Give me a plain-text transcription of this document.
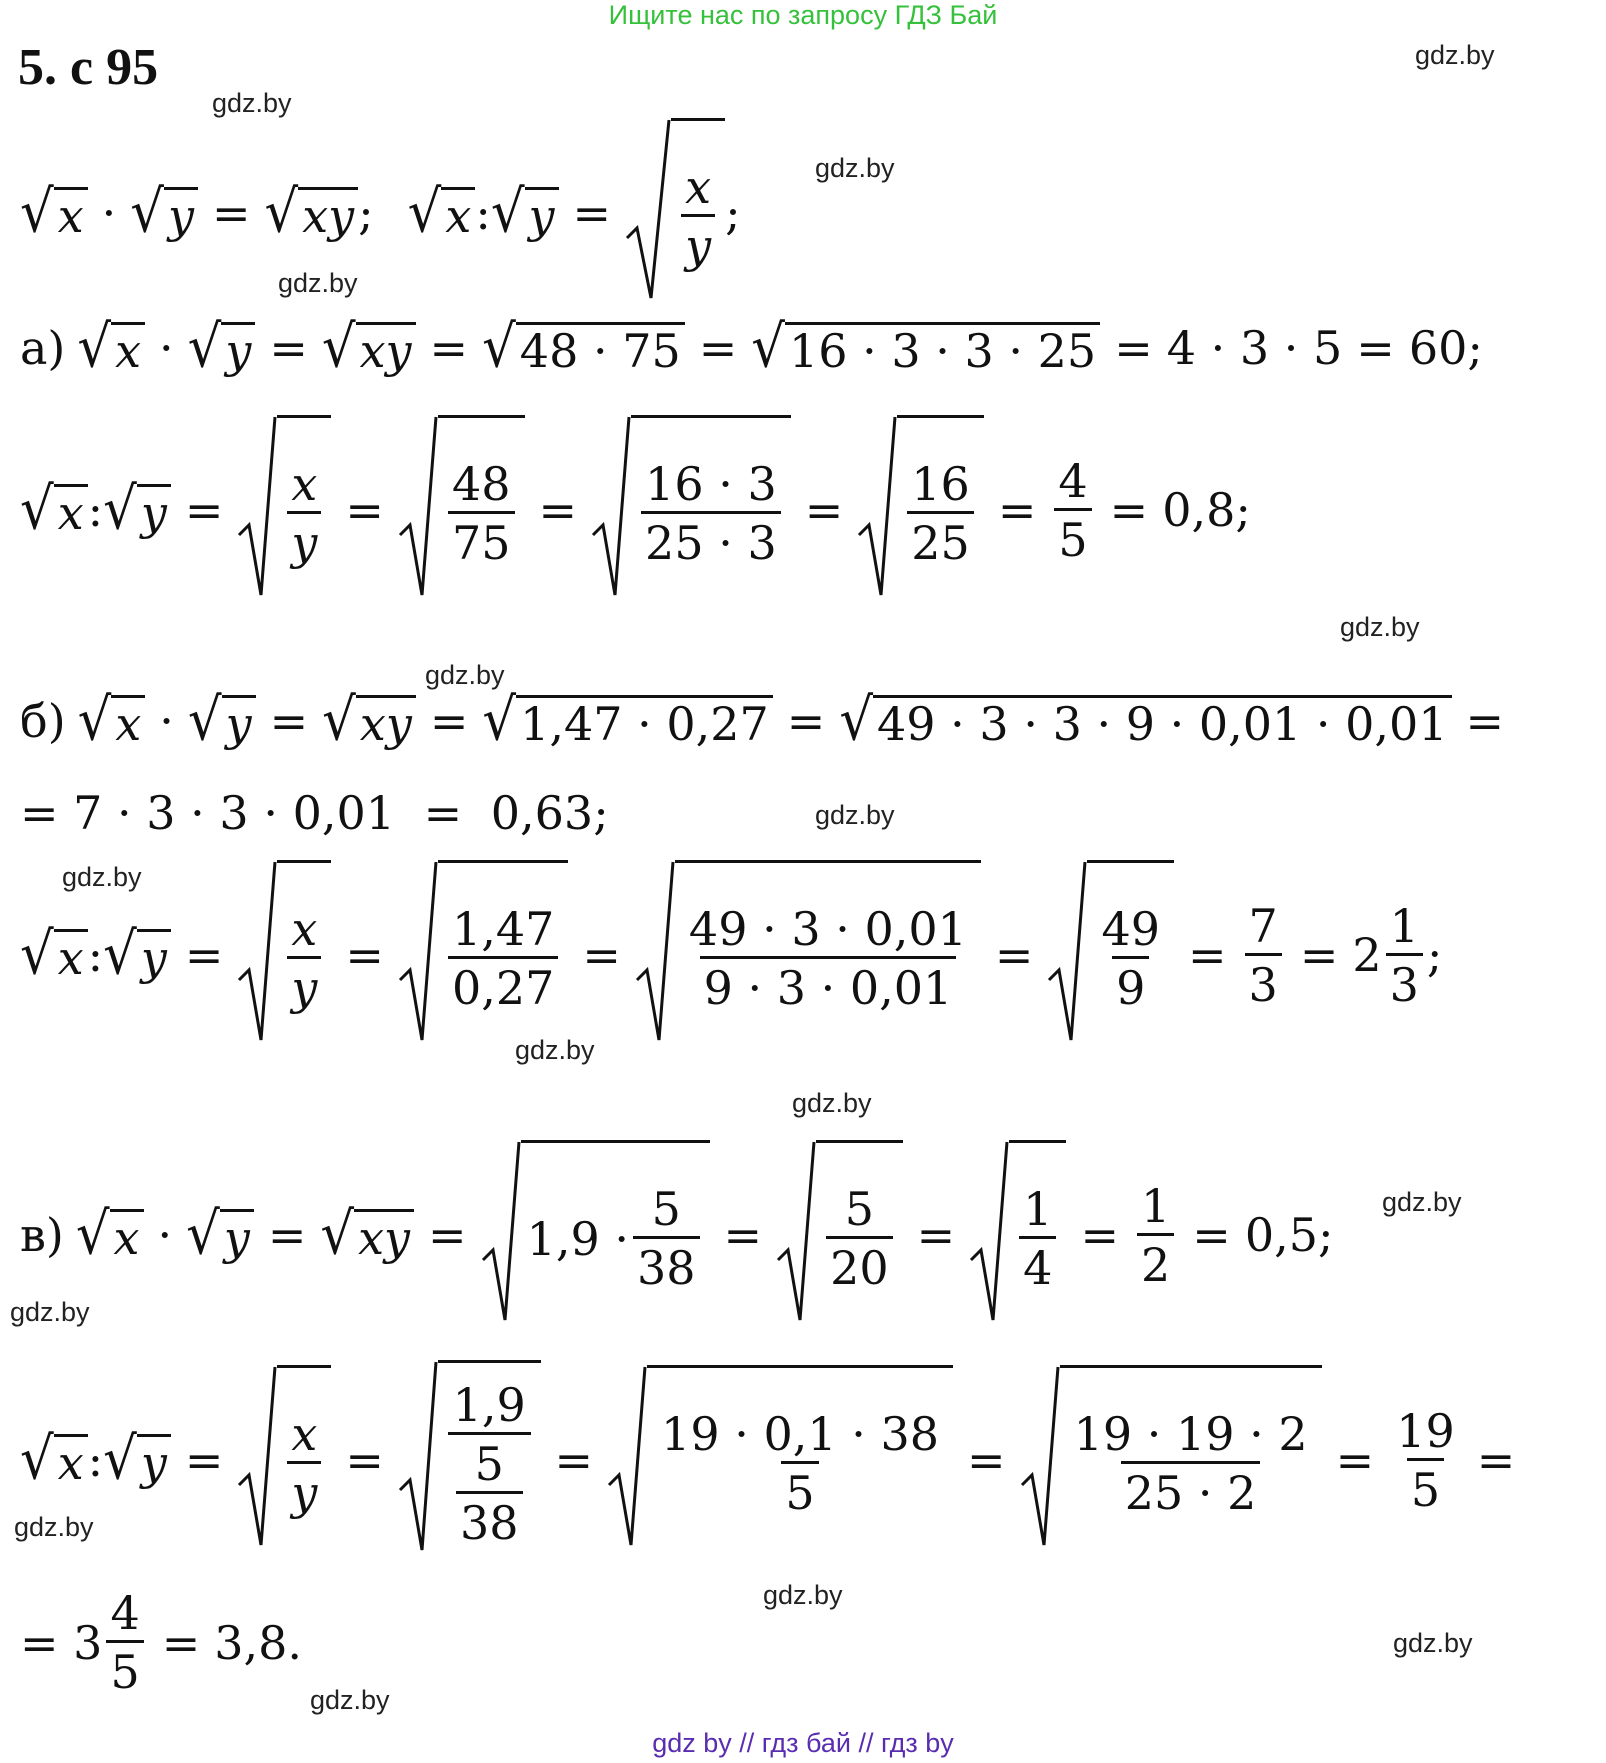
Ищите нас по запросу ГДЗ Бай
5. с 95	gdz.by
gdz.by
gdz.by
gdz.by
gdz.by
gdz.by
gdz.by
gdz.by
gdz.by
gdz.by
gdz.by
gdz.by
gdz.by
gdz.by
gdz.by
gdz.by
√ x · √ y = √ xy ; √ x : √ $y = \frac{x}{y}$ ;
а) √ x · √ y = √ xy = √ 48 · 75 = √ 16 · 3 · 3 · 25 = 4 · 3 · 5 = 60;
√ x : √ $y = \frac{x}{y} = \frac{48}{75} = \frac{16 \cdot 3}{25 \cdot 3} = \frac{16}{25} = \frac{4}{5} = 0,8$;
б) √ x · √ y = √ xy = √ 1,47 · 0,27 = √ 49 · 3 · 3 · 9 · 0,01 · 0,01 =
= 7 · 3 · 3 · 0,01 = 0,63;
√ x : √ $y = \frac{x}{y} = \frac{1,47}{0,27} = \frac{49 \cdot 3 \cdot 0,01}{9 \cdot 3 \cdot 0,01} = \frac{49}{9} = \frac{7}{3} = 2 \frac{1}{3}$ ;
в) √ x · √ y = √ xy = $1,9 \cdot \frac{5}{38} = \frac{5}{20} = \frac{1}{4} = \frac{1}{2} = 0,5$;
√ x : √ $y = \frac{x}{y} = \frac{1,9}{\frac{5}{38}} = \frac{19 \cdot 0,1 \cdot 38}{5} = \frac{19 \cdot 19 \cdot 2}{25 \cdot 2} = \frac{19}{5}$ =
= $3 \frac{4}{5} = 3,8$.
gdz by // гдз бай // гдз by
